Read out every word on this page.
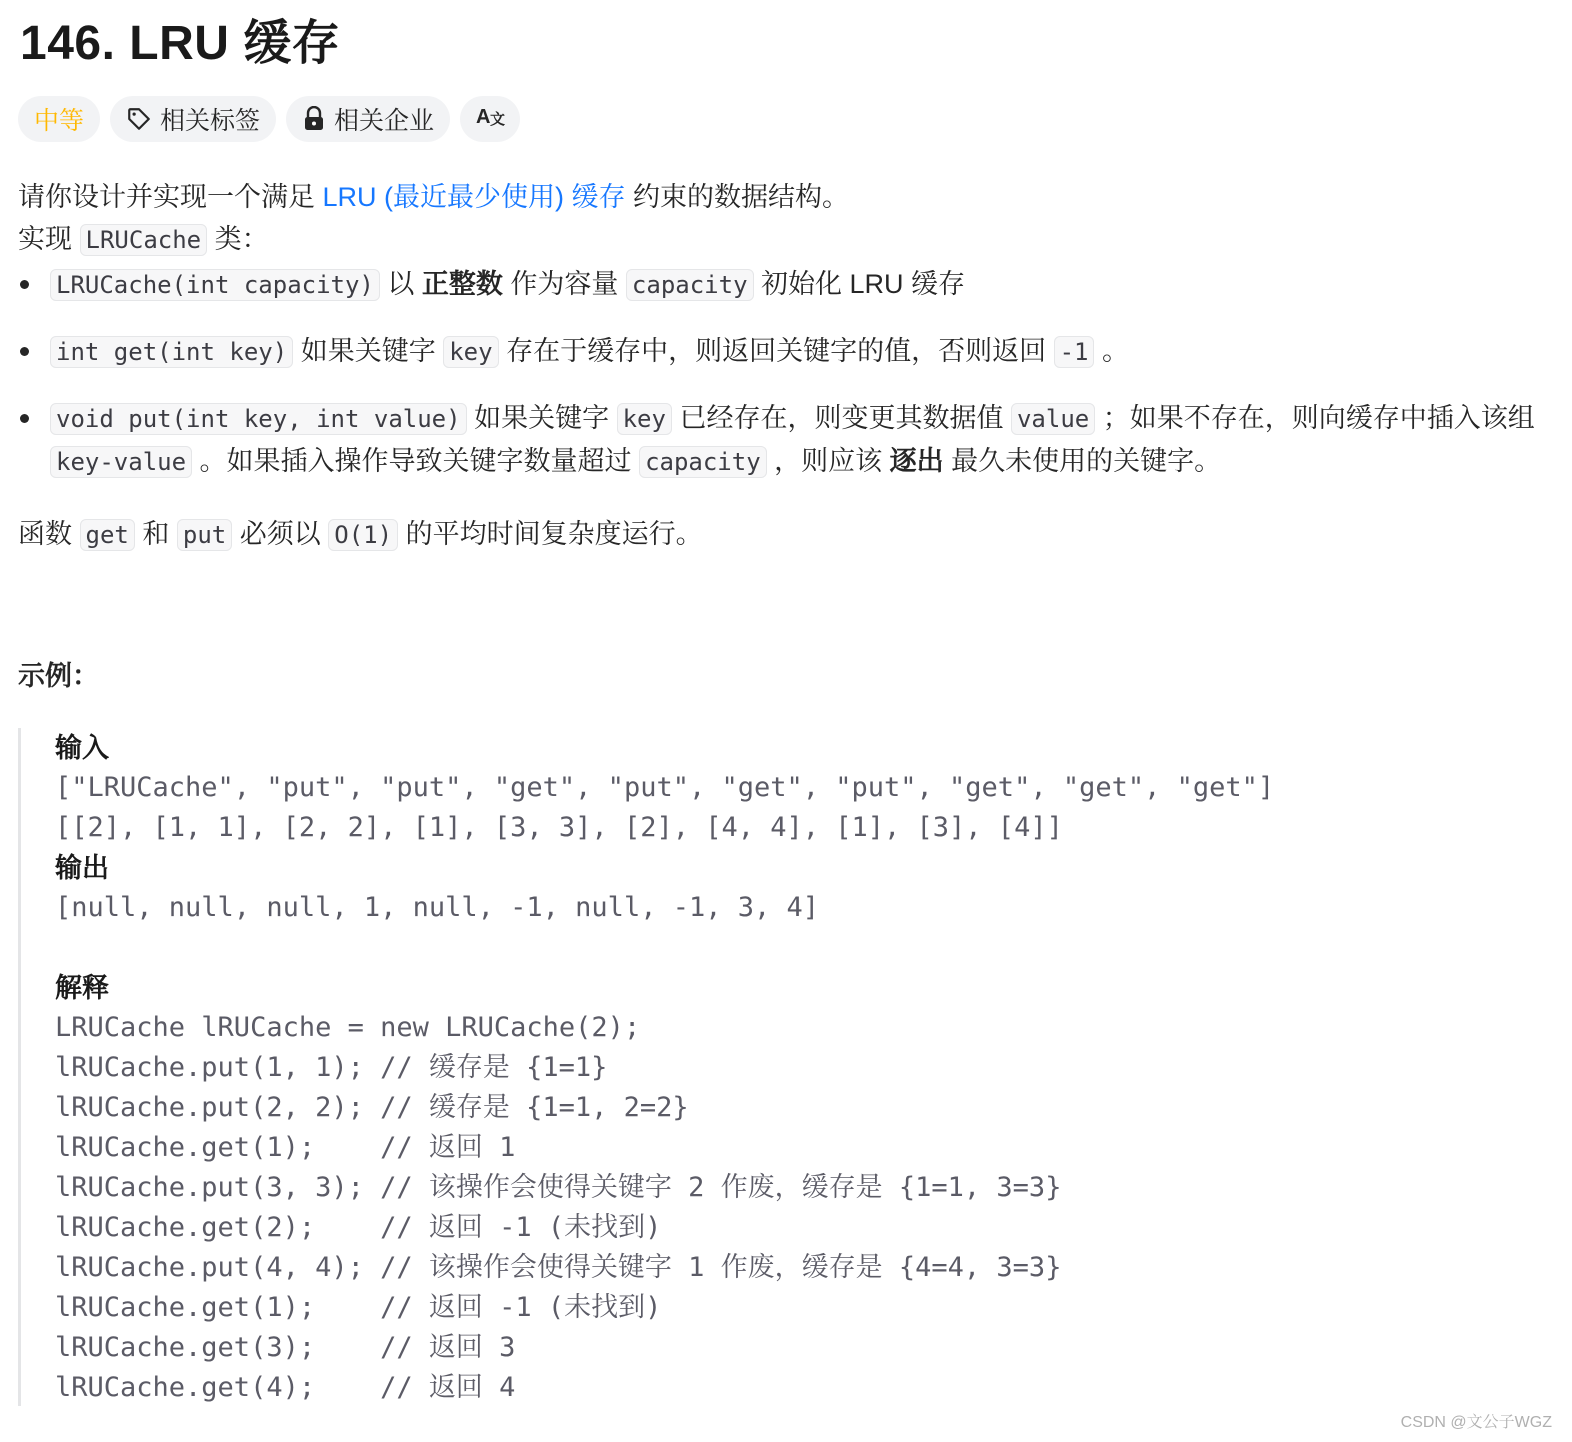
146. LRU 缓存
中等	相关标签	相关企业 A 文

请你设计并实现一个满足 LRU (最近最少使用) 缓存 约束的数据结构。

实现 LRUCache 类：

LRUCache(int capacity) 以 正整数 作为容量 capacity 初始化 LRU 缓存
int get(int key) 如果关键字 key 存在于缓存中，则返回关键字的值，否则返回 -1 。
void put(int key, int value) 如果关键字 key 已经存在，则变更其数据值 value ；如果不存在，则向缓存中插入该组 key-value 。如果插入操作导致关键字数量超过 capacity ，则应该 逐出 最久未使用的关键字。

函数 get 和 put 必须以 O(1) 的平均时间复杂度运行。

示例：
输入
["LRUCache", "put", "put", "get", "put", "get", "put", "get", "get", "get"]
[[2], [1, 1], [2, 2], [1], [3, 3], [2], [4, 4], [1], [3], [4]]
输出
[null, null, null, 1, null, -1, null, -1, 3, 4]
解释
LRUCache lRUCache = new LRUCache(2);
lRUCache.put(1, 1); // 缓存是 {1=1}
lRUCache.put(2, 2); // 缓存是 {1=1, 2=2}
lRUCache.get(1);    // 返回 1
lRUCache.put(3, 3); // 该操作会使得关键字 2 作废，缓存是 {1=1, 3=3}
lRUCache.get(2);    // 返回 -1 (未找到)
lRUCache.put(4, 4); // 该操作会使得关键字 1 作废，缓存是 {4=4, 3=3}
lRUCache.get(1);    // 返回 -1 (未找到)
lRUCache.get(3);    // 返回 3
lRUCache.get(4);    // 返回 4
CSDN @文公子WGZ
